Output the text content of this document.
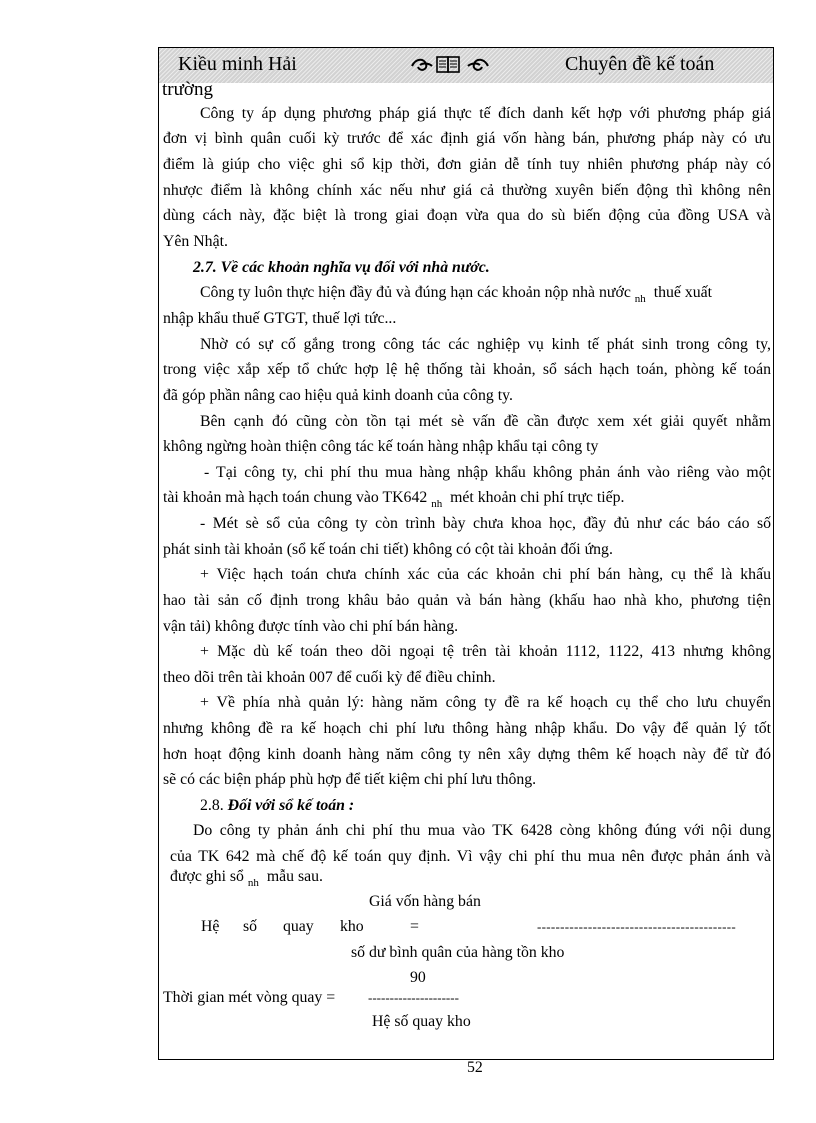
Kiều minh Hải
trường
Chuyên đề kế toán
Công ty áp dụng phương pháp giá thực tế đích danh kết hợp với phương pháp giá
đơn vị bình quân cuối kỳ trước để xác định giá vốn hàng bán, phương pháp này có ưu
điểm là giúp cho việc ghi sổ kịp thời, đơn giản dễ tính tuy nhiên phương pháp này có
nhược điểm là không chính xác nếu như giá cả thường xuyên biến động thì không nên
dùng cách này, đặc biệt là trong giai đoạn vừa qua do sù biến động của đồng USA và
Yên Nhật.
2.7. Về các khoản nghĩa vụ đối với nhà nước.
Công ty luôn thực hiện đầy đủ và đúng hạn các khoản nộp nhà nước $_{nh}$ thuế xuất
nhập khẩu thuế GTGT, thuế lợi tức...
Nhờ có sự cố gắng trong công tác các nghiệp vụ kinh tế phát sinh trong công ty,
trong việc xắp xếp tổ chức hợp lệ hệ thống tài khoản, sổ sách hạch toán, phòng kế toán
đã góp phần nâng cao hiệu quả kinh doanh của công ty.
Bên cạnh đó cũng còn tồn tại mét sè vấn đề cần được xem xét giải quyết nhằm
không ngừng hoàn thiện công tác kế toán hàng nhập khẩu tại công ty
- Tại công ty, chi phí thu mua hàng nhập khẩu không phản ánh vào riêng vào một
tài khoản mà hạch toán chung vào TK642 $_{nh}$ mét khoản chi phí trực tiếp.
- Mét sè sổ của công ty còn trình bày chưa khoa học, đầy đủ như các báo cáo số
phát sinh tài khoản (sổ kế toán chi tiết) không có cột tài khoản đối ứng.
+ Việc hạch toán chưa chính xác của các khoản chi phí bán hàng, cụ thể là khấu
hao tài sản cố định trong khâu bảo quản và bán hàng (khấu hao nhà kho, phương tiện
vận tải) không được tính vào chi phí bán hàng.
+ Mặc dù kế toán theo dõi ngoại tệ trên tài khoản 1112, 1122, 413 nhưng không
theo dõi trên tài khoản 007 để cuối kỳ để điều chỉnh.
+ Về phía nhà quản lý: hàng năm công ty đề ra kế hoạch cụ thể cho lưu chuyển
nhưng không đề ra kế hoạch chi phí lưu thông hàng nhập khẩu. Do vậy để quản lý tốt
hơn hoạt động kinh doanh hàng năm công ty nên xây dựng thêm kế hoạch này để từ đó
sẽ có các biện pháp phù hợp để tiết kiệm chi phí lưu thông.
2.8. Đối với sổ kế toán :
Do công ty phản ánh chi phí thu mua vào TK 6428 còng không đúng với nội dung
của TK 642 mà chế độ kế toán quy định. Vì vậy chi phí thu mua nên được phản ánh và
được ghi sổ $_{nh}$ mẫu sau.
Giá vốn hàng bán
Hệ số quay kho	=	-------------------------------------------
số dư bình quân của hàng tồn kho
90
Thời gian mét vòng quay =	---------------------
Hệ số quay kho
52
